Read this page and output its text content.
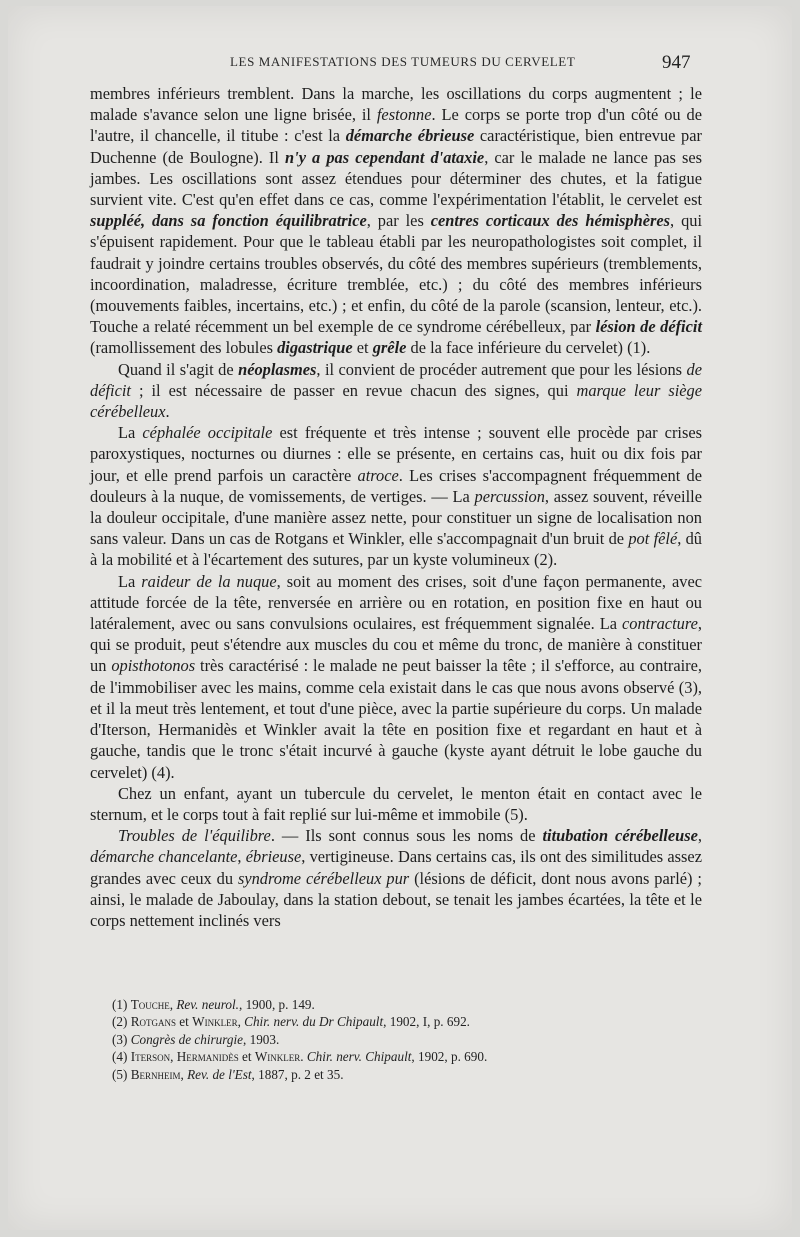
LES MANIFESTATIONS DES TUMEURS DU CERVELET	947

membres inférieurs tremblent. Dans la marche, les oscillations du corps augmentent ; le malade s'avance selon une ligne brisée, il festonne. Le corps se porte trop d'un côté ou de l'autre, il chancelle, il titube : c'est la démarche ébrieuse caractéristique, bien entrevue par Duchenne (de Boulogne). Il n'y a pas cependant d'ataxie, car le malade ne lance pas ses jambes. Les oscillations sont assez étendues pour déterminer des chutes, et la fatigue survient vite. C'est qu'en effet dans ce cas, comme l'expérimentation l'établit, le cervelet est suppléé, dans sa fonction équilibratrice, par les centres corticaux des hémisphères, qui s'épuisent rapidement. Pour que le tableau établi par les neuropathologistes soit complet, il faudrait y joindre certains troubles observés, du côté des membres supérieurs (tremblements, incoordination, maladresse, écriture tremblée, etc.) ; du côté des membres inférieurs (mouvements faibles, incertains, etc.) ; et enfin, du côté de la parole (scansion, lenteur, etc.). Touche a relaté récemment un bel exemple de ce syndrome cérébelleux, par lésion de déficit (ramollissement des lobules digastrique et grêle de la face inférieure du cervelet) (1).

Quand il s'agit de néoplasmes, il convient de procéder autrement que pour les lésions de déficit ; il est nécessaire de passer en revue chacun des signes, qui marque leur siège cérébelleux.

La céphalée occipitale est fréquente et très intense ; souvent elle procède par crises paroxystiques, nocturnes ou diurnes : elle se présente, en certains cas, huit ou dix fois par jour, et elle prend parfois un caractère atroce. Les crises s'accompagnent fréquemment de douleurs à la nuque, de vomissements, de vertiges. — La percussion, assez souvent, réveille la douleur occipitale, d'une manière assez nette, pour constituer un signe de localisation non sans valeur. Dans un cas de Rotgans et Winkler, elle s'accompagnait d'un bruit de pot fêlé, dû à la mobilité et à l'écartement des sutures, par un kyste volumineux (2).

La raideur de la nuque, soit au moment des crises, soit d'une façon permanente, avec attitude forcée de la tête, renversée en arrière ou en rotation, en position fixe en haut ou latéralement, avec ou sans convulsions oculaires, est fréquemment signalée. La contracture, qui se produit, peut s'étendre aux muscles du cou et même du tronc, de manière à constituer un opisthotonos très caractérisé : le malade ne peut baisser la tête ; il s'efforce, au contraire, de l'immobiliser avec les mains, comme cela existait dans le cas que nous avons observé (3), et il la meut très lentement, et tout d'une pièce, avec la partie supérieure du corps. Un malade d'Iterson, Hermanidès et Winkler avait la tête en position fixe et regardant en haut et à gauche, tandis que le tronc s'était incurvé à gauche (kyste ayant détruit le lobe gauche du cervelet) (4).

Chez un enfant, ayant un tubercule du cervelet, le menton était en contact avec le sternum, et le corps tout à fait replié sur lui-même et immobile (5).

Troubles de l'équilibre. — Ils sont connus sous les noms de titubation cérébelleuse, démarche chancelante, ébrieuse, vertigineuse. Dans certains cas, ils ont des similitudes assez grandes avec ceux du syndrome cérébelleux pur (lésions de déficit, dont nous avons parlé) ; ainsi, le malade de Jaboulay, dans la station debout, se tenait les jambes écartées, la tête et le corps nettement inclinés vers

(1) Touche, Rev. neurol., 1900, p. 149.
(2) Rotgans et Winkler, Chir. nerv. du Dr Chipault, 1902, I, p. 692.
(3) Congrès de chirurgie, 1903.
(4) Iterson, Hermanidès et Winkler. Chir. nerv. Chipault, 1902, p. 690.
(5) Bernheim, Rev. de l'Est, 1887, p. 2 et 35.
